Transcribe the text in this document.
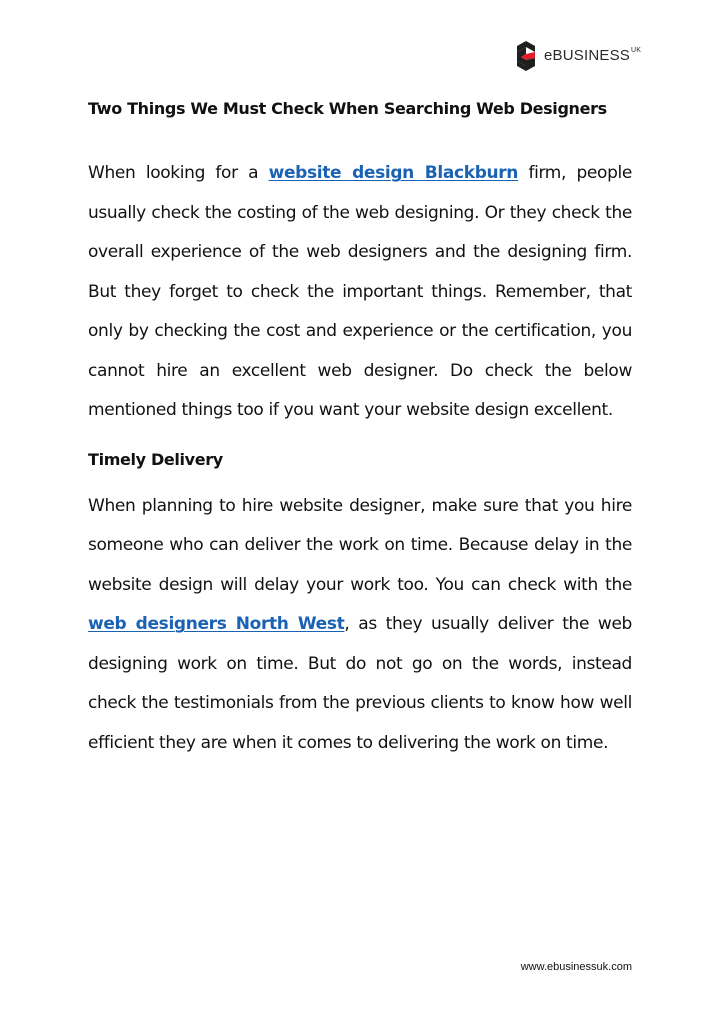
eBUSINESS UK
Two Things We Must Check When Searching Web Designers

When looking for a website design Blackburn firm, people usually check the costing of the web designing. Or they check the overall experience of the web designers and the designing firm. But they forget to check the important things. Remember, that only by checking the cost and experience or the certification, you cannot hire an excellent web designer. Do check the below mentioned things too if you want your website design excellent.

Timely Delivery

When planning to hire website designer, make sure that you hire someone who can deliver the work on time. Because delay in the website design will delay your work too. You can check with the web designers North West, as they usually deliver the web designing work on time. But do not go on the words, instead check the testimonials from the previous clients to know how well efficient they are when it comes to delivering the work on time.

www.ebusinessuk.com
